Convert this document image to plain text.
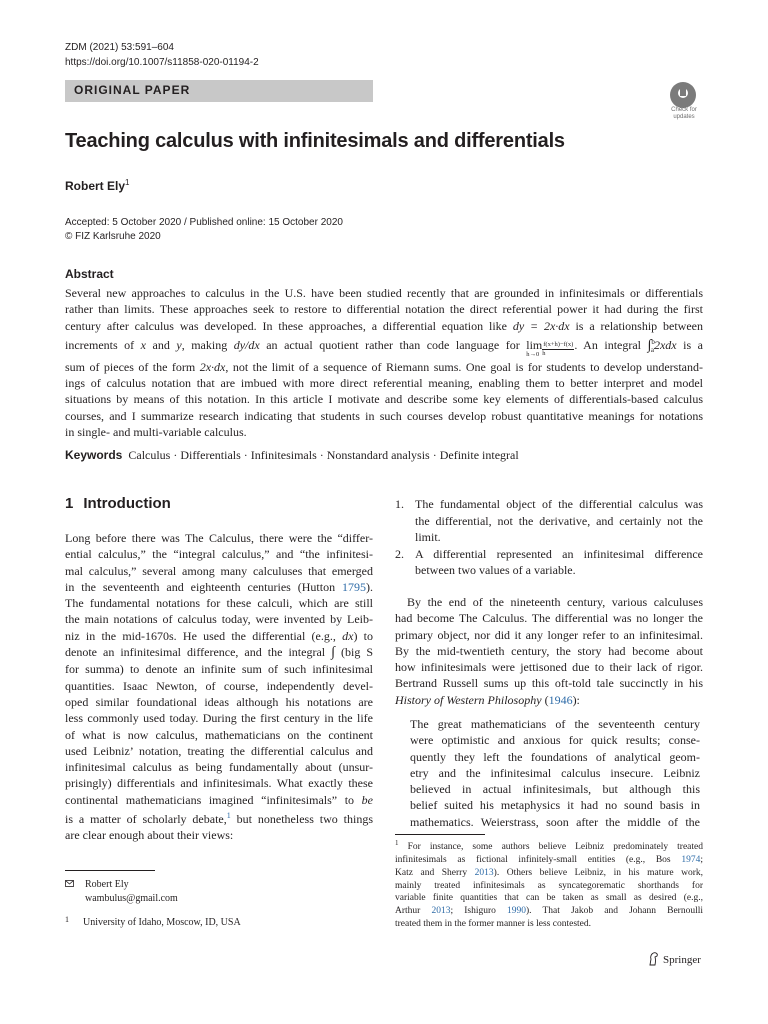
ZDM (2021) 53:591–604
https://doi.org/10.1007/s11858-020-01194-2
ORIGINAL PAPER
Check for
updates
Teaching calculus with infinitesimals and differentials
Robert Ely$^1$
Accepted: 5 October 2020 / Published online: 15 October 2020
© FIZ Karlsruhe 2020
Abstract
Several new approaches to calculus in the U.S. have been studied recently that are grounded in infinitesimals or differentials
rather than limits. These approaches seek to restore to differential notation the direct referential power it had during the first
century after calculus was developed. In these approaches, a differential equation like dy = 2x·dx is a relationship between
increments of x and y, making dy/dx an actual quotient rather than code language for lim
$h\to 0 \frac{f(x+h)-f(x)}{h}$. An integral ∫$^b_a$2xdx is a
sum of pieces of the form 2x·dx, not the limit of a sequence of Riemann sums. One goal is for students to develop understand-
ings of calculus notation that are imbued with more direct referential meaning, enabling them to better interpret and model
situations by means of this notation. In this article I motivate and describe some key elements of differentials-based calculus
courses, and I summarize research indicating that students in such courses develop robust quantitative meanings for notations
in single- and multi-variable calculus.
Keywords Calculus · Differentials · Infinitesimals · Nonstandard analysis · Definite integral
1 Introduction
Long before there was The Calculus, there were the “differ-
ential calculus,” the “integral calculus,” and “the infinitesi-
mal calculus,” several among many calculuses that emerged
in the seventeenth and eighteenth centuries (Hutton 1795).
The fundamental notations for these calculi, which are still
the main notations of calculus today, were invented by Leib-
niz in the mid-1670s. He used the differential (e.g., dx) to
denote an infinitesimal difference, and the integral ∫ (big S
for summa) to denote an infinite sum of such infinitesimal
quantities. Isaac Newton, of course, independently devel-
oped similar foundational ideas although his notations are
less commonly used today. During the first century in the life
of what is now calculus, mathematicians on the continent
used Leibniz’ notation, treating the differential calculus and
infinitesimal calculus as being fundamentally about (unsur-
prisingly) differentials and infinitesimals. What exactly these
continental mathematicians imagined “infinitesimals” to be
is a matter of scholarly debate,$^1$ but nonetheless two things
are clear enough about their views:
1. The fundamental object of the differential calculus was
the differential, not the derivative, and certainly not the
limit.
2. A differential represented an infinitesimal difference
between two values of a variable.
By the end of the nineteenth century, various calculuses
had become The Calculus. The differential was no longer the
primary object, nor did it any longer refer to an infinitesimal.
By the mid-twentieth century, the story had become about
how infinitesimals were jettisoned due to their lack of rigor.
Bertrand Russell sums up this oft-told tale succinctly in his
History of Western Philosophy (1946):
The great mathematicians of the seventeenth century
were optimistic and anxious for quick results; conse-
quently they left the foundations of analytical geom-
etry and the infinitesimal calculus insecure. Leibniz
believed in actual infinitesimals, but although this
belief suited his metaphysics it had no sound basis in
mathematics. Weierstrass, soon after the middle of the
$^1$ For instance, some authors believe Leibniz predominately treated
infinitesimals as fictional infinitely-small entities (e.g., Bos 1974;
Katz and Sherry 2013). Others believe Leibniz, in his mature work,
mainly treated infinitesimals as syncategorematic shorthands for
variable finite quantities that can be taken as small as desired (e.g.,
Arthur 2013; Ishiguro 1990). That Jakob and Johann Bernoulli
treated them in the former manner is less contested.
Robert Ely
wambulus@gmail.com
$^1$ University of Idaho, Moscow, ID, USA
Springer
